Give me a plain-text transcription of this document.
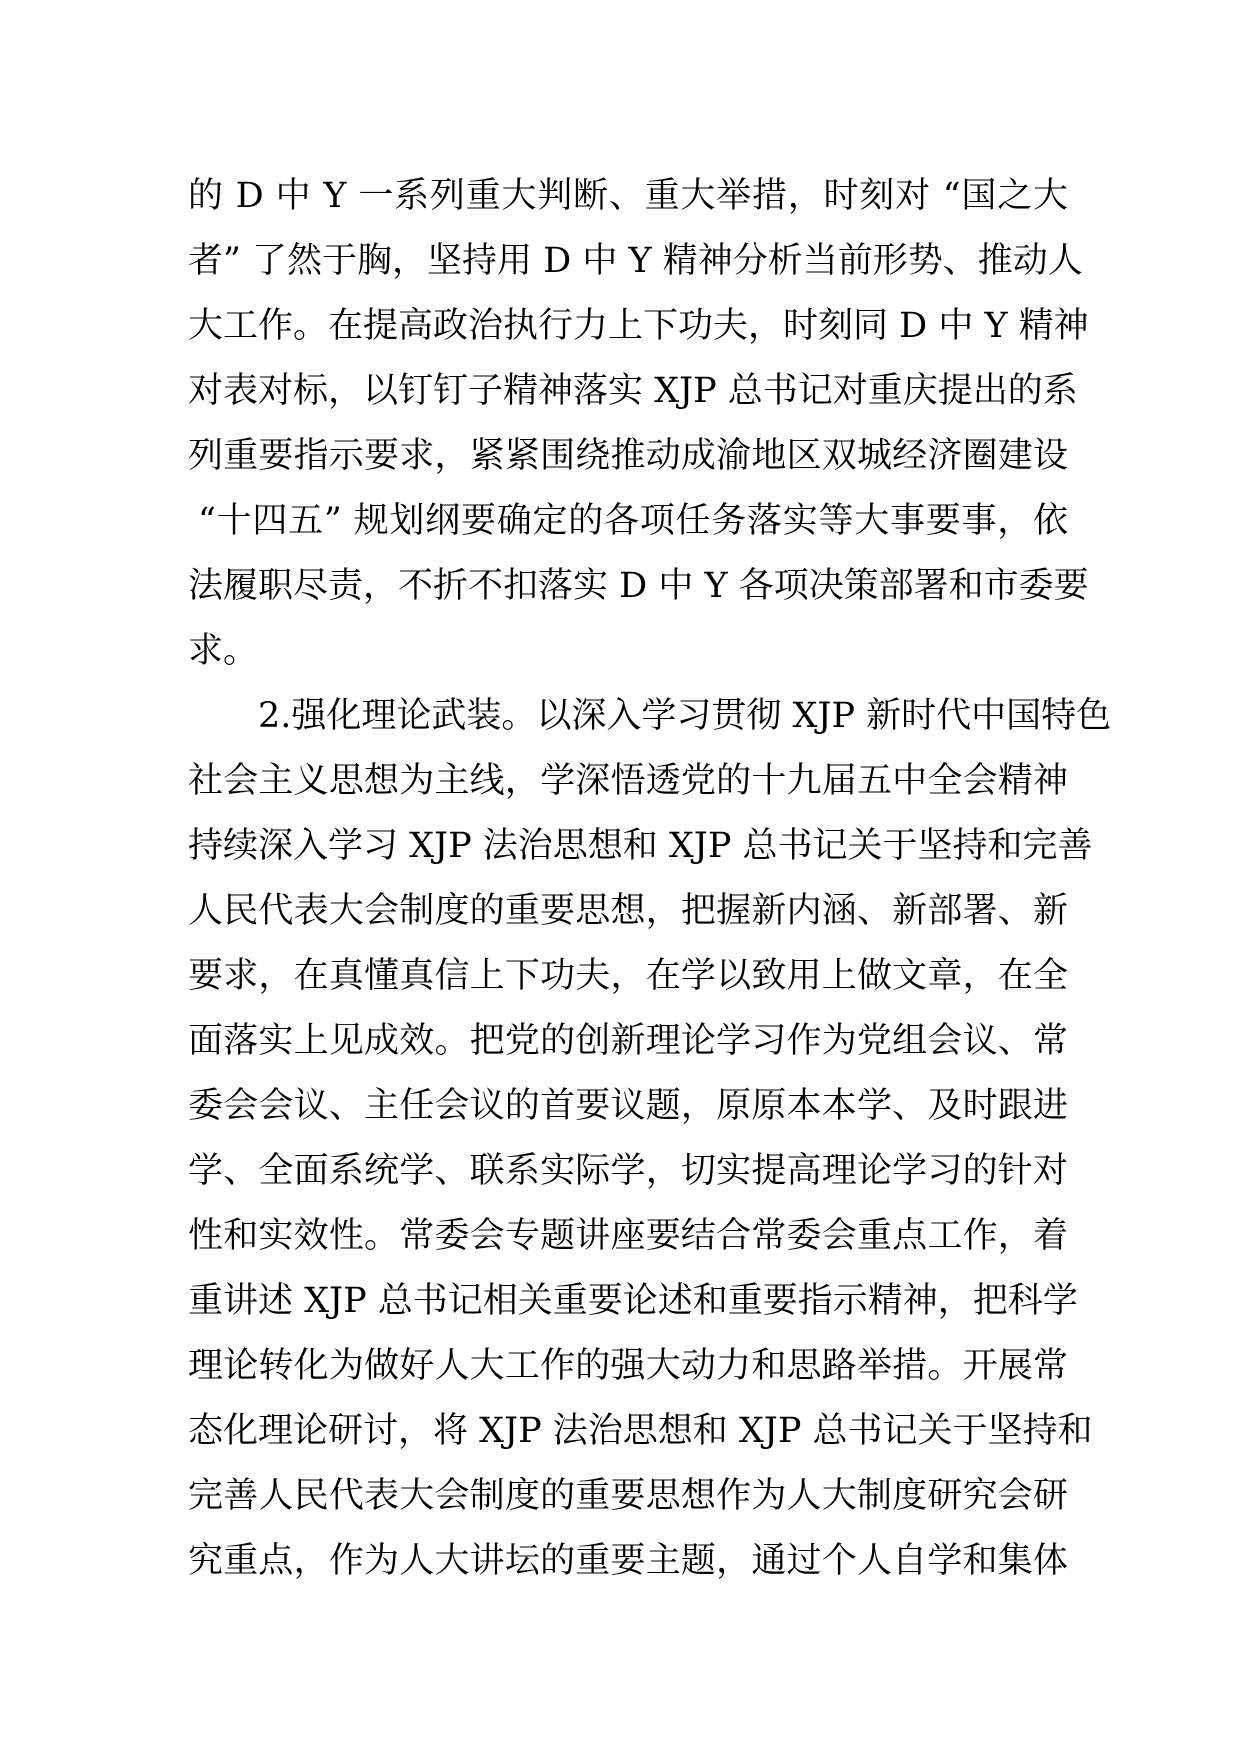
的 D 中 Y 一系列重大判断、重大举措，时刻对 “国之大
者” 了然于胸，坚持用 D 中 Y 精神分析当前形势、推动人
大工作。在提高政治执行力上下功夫，时刻同 D 中 Y 精神
对表对标，以钉钉子精神落实 XJP 总书记对重庆提出的系
列重要指示要求，紧紧围绕推动成渝地区双城经济圈建设
“十四五” 规划纲要确定的各项任务落实等大事要事，依
法履职尽责，不折不扣落实 D 中 Y 各项决策部署和市委要
求。
2.强化理论武装。以深入学习贯彻 XJP 新时代中国特色
社会主义思想为主线，学深悟透党的十九届五中全会精神
持续深入学习 XJP 法治思想和 XJP 总书记关于坚持和完善
人民代表大会制度的重要思想，把握新内涵、新部署、新
要求，在真懂真信上下功夫，在学以致用上做文章，在全
面落实上见成效。把党的创新理论学习作为党组会议、常
委会会议、主任会议的首要议题，原原本本学、及时跟进
学、全面系统学、联系实际学，切实提高理论学习的针对
性和实效性。常委会专题讲座要结合常委会重点工作，着
重讲述 XJP 总书记相关重要论述和重要指示精神，把科学
理论转化为做好人大工作的强大动力和思路举措。开展常
态化理论研讨，将 XJP 法治思想和 XJP 总书记关于坚持和
完善人民代表大会制度的重要思想作为人大制度研究会研
究重点，作为人大讲坛的重要主题，通过个人自学和集体
